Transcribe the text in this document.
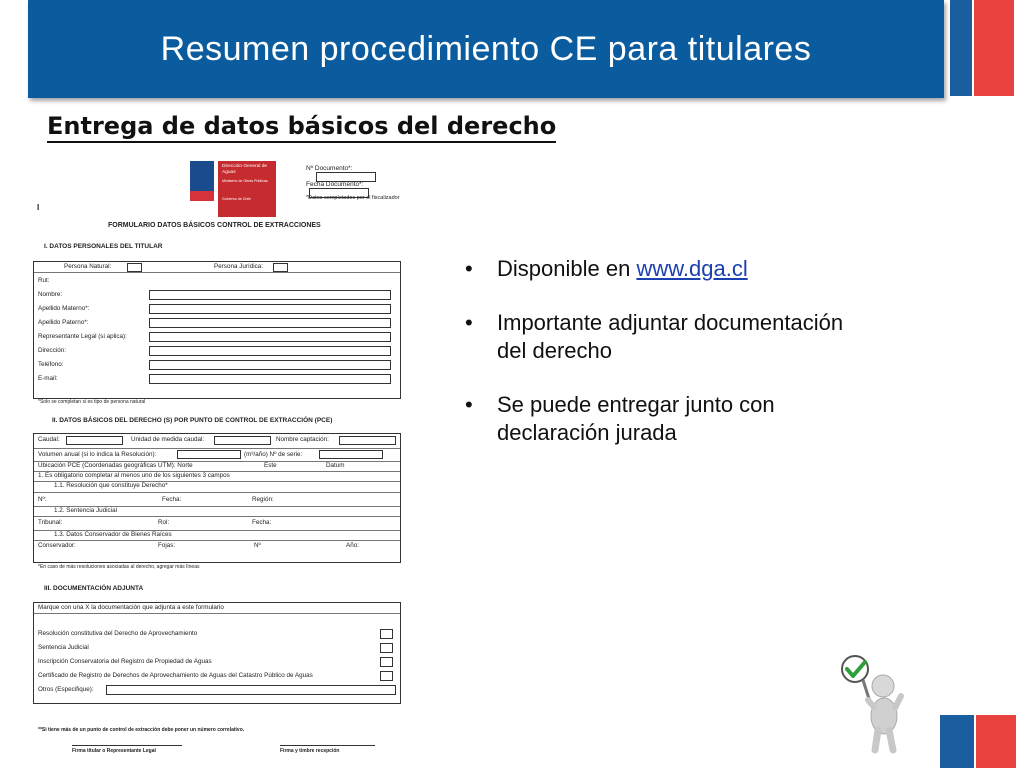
Resumen procedimiento CE para titulares
Entrega de datos básicos del derecho
Dirección General de Aguas
Ministerio de Obras Públicas
Gobierno de Chile
Nº Documento*:
Fecha Documento*:
*Datos completados por el fiscalizador
I
FORMULARIO DATOS BÁSICOS CONTROL DE EXTRACCIONES
I. DATOS PERSONALES DEL TITULAR
Persona Natural:	Persona Jurídica:
Rut:
Nombre:
Apellido Materno*:
Apellido Paterno*:
Representante Legal (si aplica):
Dirección:
Teléfono:
E-mail:
*Solo se completan si es tipo de persona natural
II. DATOS BÁSICOS DEL DERECHO (S) POR PUNTO DE CONTROL DE EXTRACCIÓN (PCE)
Caudal:	Unidad de medida caudal:	Nombre captación:
Volumen anual (si lo indica la Resolución):	(m³/año) Nº de serie:
Ubicación PCE (Coordenadas geográficas UTM): Norte	Este	Datum
1. Es obligatorio completar al menos uno de los siguientes 3 campos
1.1. Resolución que constituye Derecho*
Nº:	Fecha:	Región:
1.2. Sentencia Judicial
Tribunal:	Rol:	Fecha:
1.3. Datos Conservador de Bienes Raíces
Conservador:	Fojas:	Nº	Año:
*En caso de más resoluciones asociadas al derecho, agregar más líneas
III. DOCUMENTACIÓN ADJUNTA
Marque con una X la documentación que adjunta a este formulario
Resolución constitutiva del Derecho de Aprovechamiento
Sentencia Judicial
Inscripción Conservatoria del Registro de Propiedad de Aguas
Certificado de Registro de Derechos de Aprovechamiento de Aguas del Catastro Público de Aguas
Otros (Especifique):
**Si tiene más de un punto de control de extracción debe poner un número correlativo.
Firma titular o Representante Legal	Firma y timbre recepción
• Disponible en www.dga.cl
• Importante adjuntar documentación
del derecho
• Se puede entregar junto con
declaración jurada
